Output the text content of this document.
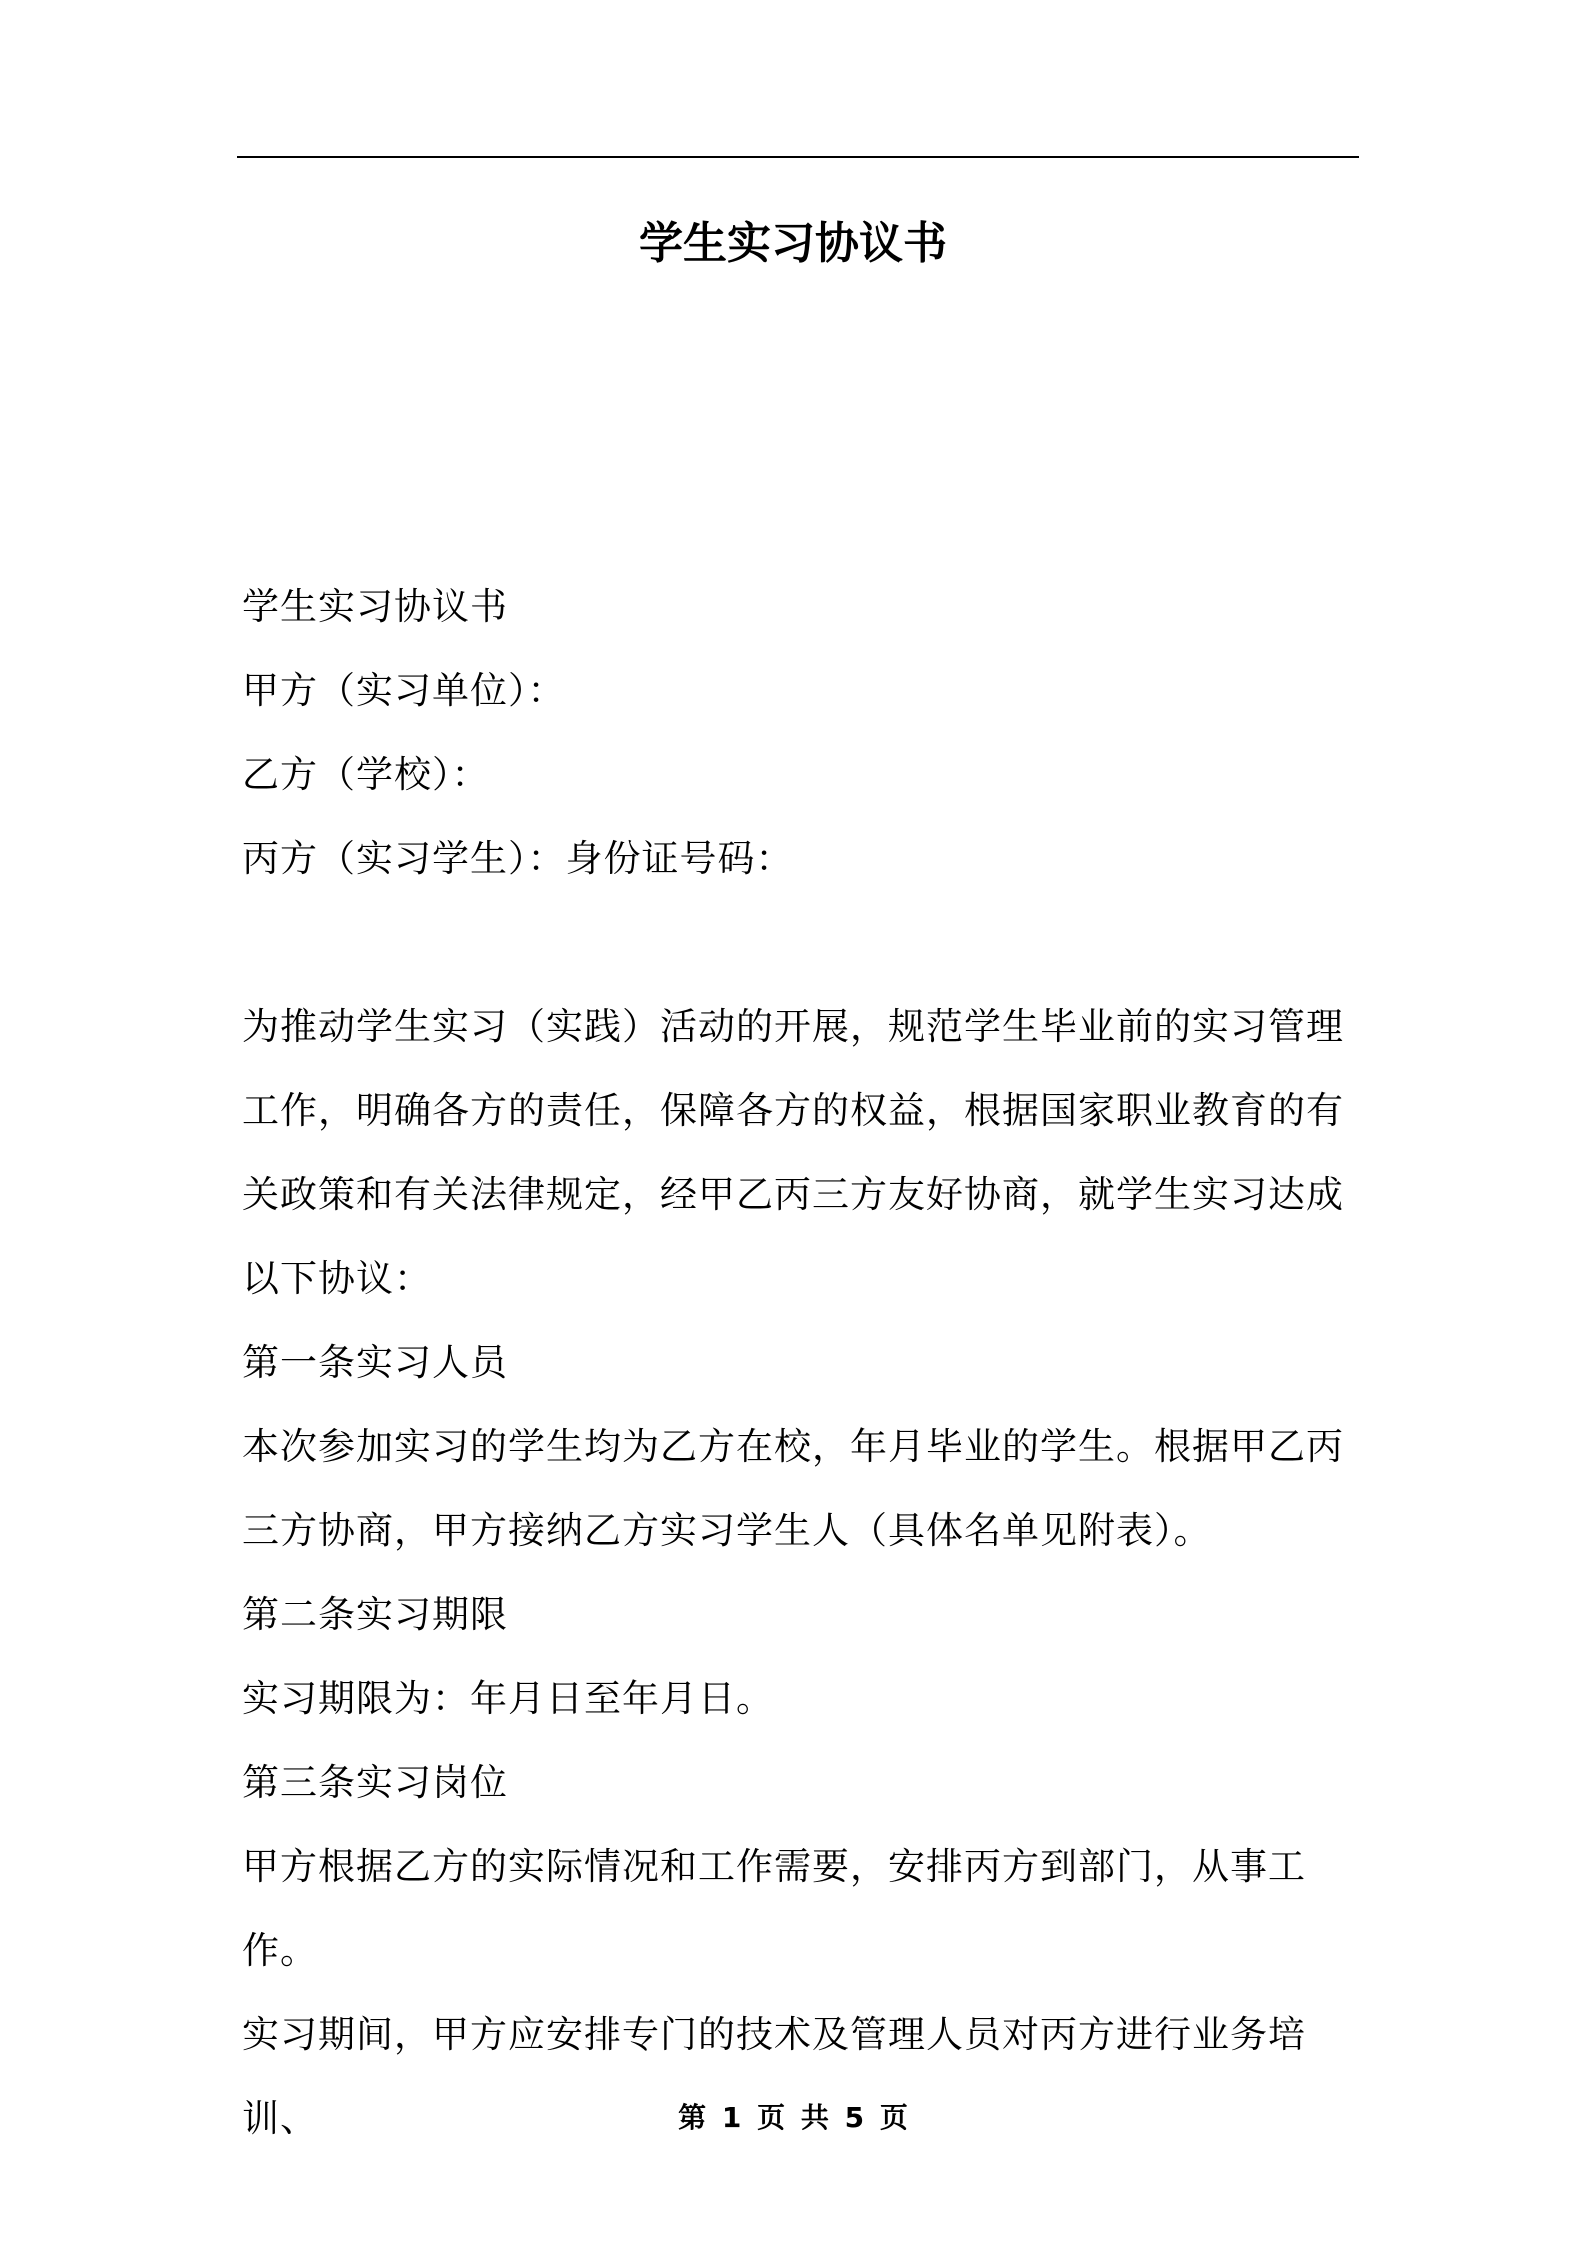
学生实习协议书
学生实习协议书
甲方（实习单位）：
乙方（学校）：
丙方（实习学生）：身份证号码：
为推动学生实习（实践）活动的开展，规范学生毕业前的实习管理工作，明确各方的责任，保障各方的权益，根据国家职业教育的有关政策和有关法律规定，经甲乙丙三方友好协商，就学生实习达成以下协议：
第一条实习人员
本次参加实习的学生均为乙方在校，年月毕业的学生。根据甲乙丙三方协商，甲方接纳乙方实习学生人（具体名单见附表）。
第二条实习期限
实习期限为：年月日至年月日。
第三条实习岗位
甲方根据乙方的实际情况和工作需要，安排丙方到部门，从事工作。
实习期间，甲方应安排专门的技术及管理人员对丙方进行业务培训、	第 1 页 共 5 页
